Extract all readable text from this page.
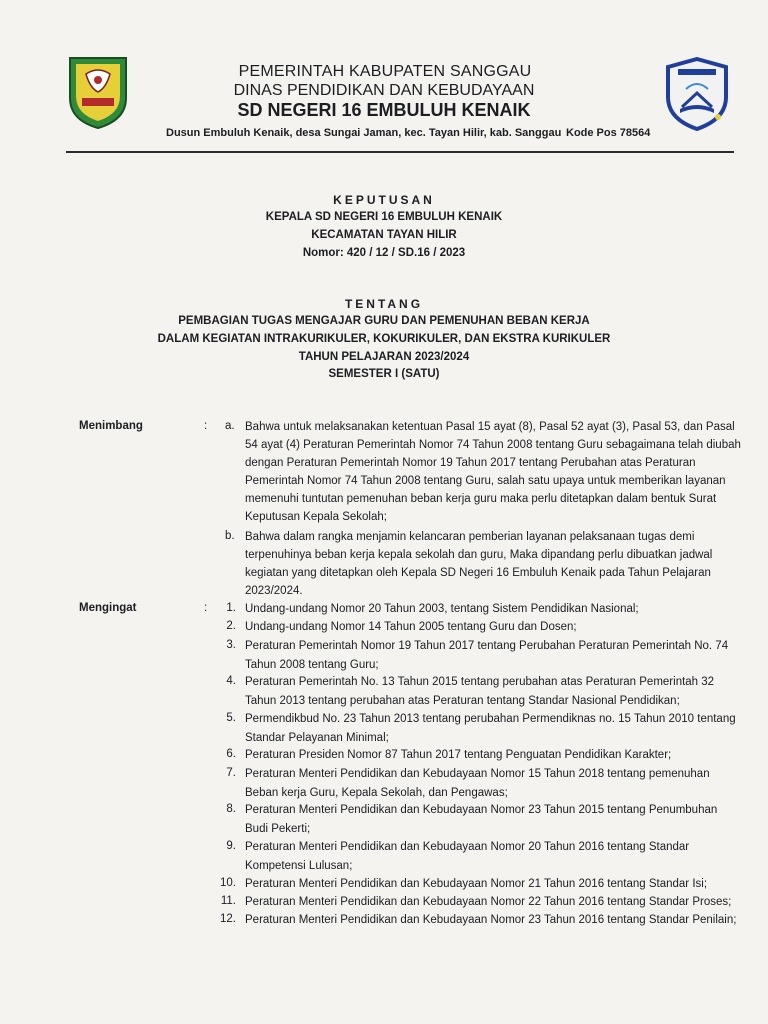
PEMERINTAH KABUPATEN SANGGAU
DINAS PENDIDIKAN DAN KEBUDAYAAN
SD NEGERI 16 EMBULUH KENAIK
Dusun Embuluh Kenaik, desa Sungai Jaman, kec. Tayan Hilir, kab. Sanggau Kode Pos 78564
KEPUTUSAN
KEPALA SD NEGERI 16 EMBULUH KENAIK
KECAMATAN TAYAN HILIR
Nomor: 420 / 12 / SD.16 / 2023
TENTANG
PEMBAGIAN TUGAS MENGAJAR GURU DAN PEMENUHAN BEBAN KERJA
DALAM KEGIATAN INTRAKURIKULER, KOKURIKULER, DAN EKSTRA KURIKULER
TAHUN PELAJARAN 2023/2024
SEMESTER I (SATU)
Menimbang	: a. Bahwa untuk melaksanakan ketentuan Pasal 15 ayat (8), Pasal 52 ayat (3), Pasal 53, dan Pasal
54 ayat (4) Peraturan Pemerintah Nomor 74 Tahun 2008 tentang Guru sebagaimana telah diubah
dengan Peraturan Pemerintah Nomor 19 Tahun 2017 tentang Perubahan atas Peraturan
Pemerintah Nomor 74 Tahun 2008 tentang Guru, salah satu upaya untuk memberikan layanan
memenuhi tuntutan pemenuhan beban kerja guru maka perlu ditetapkan dalam bentuk Surat
Keputusan Kepala Sekolah;
b. Bahwa dalam rangka menjamin kelancaran pemberian layanan pelaksanaan tugas demi
terpenuhinya beban kerja kepala sekolah dan guru, Maka dipandang perlu dibuatkan jadwal
kegiatan yang ditetapkan oleh Kepala SD Negeri 16 Embuluh Kenaik pada Tahun Pelajaran
2023/2024.
Mengingat	:	1. Undang-undang Nomor 20 Tahun 2003, tentang Sistem Pendidikan Nasional;
2. Undang-undang Nomor 14 Tahun 2005 tentang Guru dan Dosen;
3. Peraturan Pemerintah Nomor 19 Tahun 2017 tentang Perubahan Peraturan Pemerintah No. 74
Tahun 2008 tentang Guru;
4. Peraturan Pemerintah No. 13 Tahun 2015 tentang perubahan atas Peraturan Pemerintah 32
Tahun 2013 tentang perubahan atas Peraturan tentang Standar Nasional Pendidikan;
5. Permendikbud No. 23 Tahun 2013 tentang perubahan Permendiknas no. 15 Tahun 2010 tentang
Standar Pelayanan Minimal;
6. Peraturan Presiden Nomor 87 Tahun 2017 tentang Penguatan Pendidikan Karakter;
7. Peraturan Menteri Pendidikan dan Kebudayaan Nomor 15 Tahun 2018 tentang pemenuhan
Beban kerja Guru, Kepala Sekolah, dan Pengawas;
8. Peraturan Menteri Pendidikan dan Kebudayaan Nomor 23 Tahun 2015 tentang Penumbuhan
Budi Pekerti;
9. Peraturan Menteri Pendidikan dan Kebudayaan Nomor 20 Tahun 2016 tentang Standar
Kompetensi Lulusan;
10. Peraturan Menteri Pendidikan dan Kebudayaan Nomor 21 Tahun 2016 tentang Standar Isi;
11. Peraturan Menteri Pendidikan dan Kebudayaan Nomor 22 Tahun 2016 tentang Standar Proses;
12. Peraturan Menteri Pendidikan dan Kebudayaan Nomor 23 Tahun 2016 tentang Standar Penilain;
